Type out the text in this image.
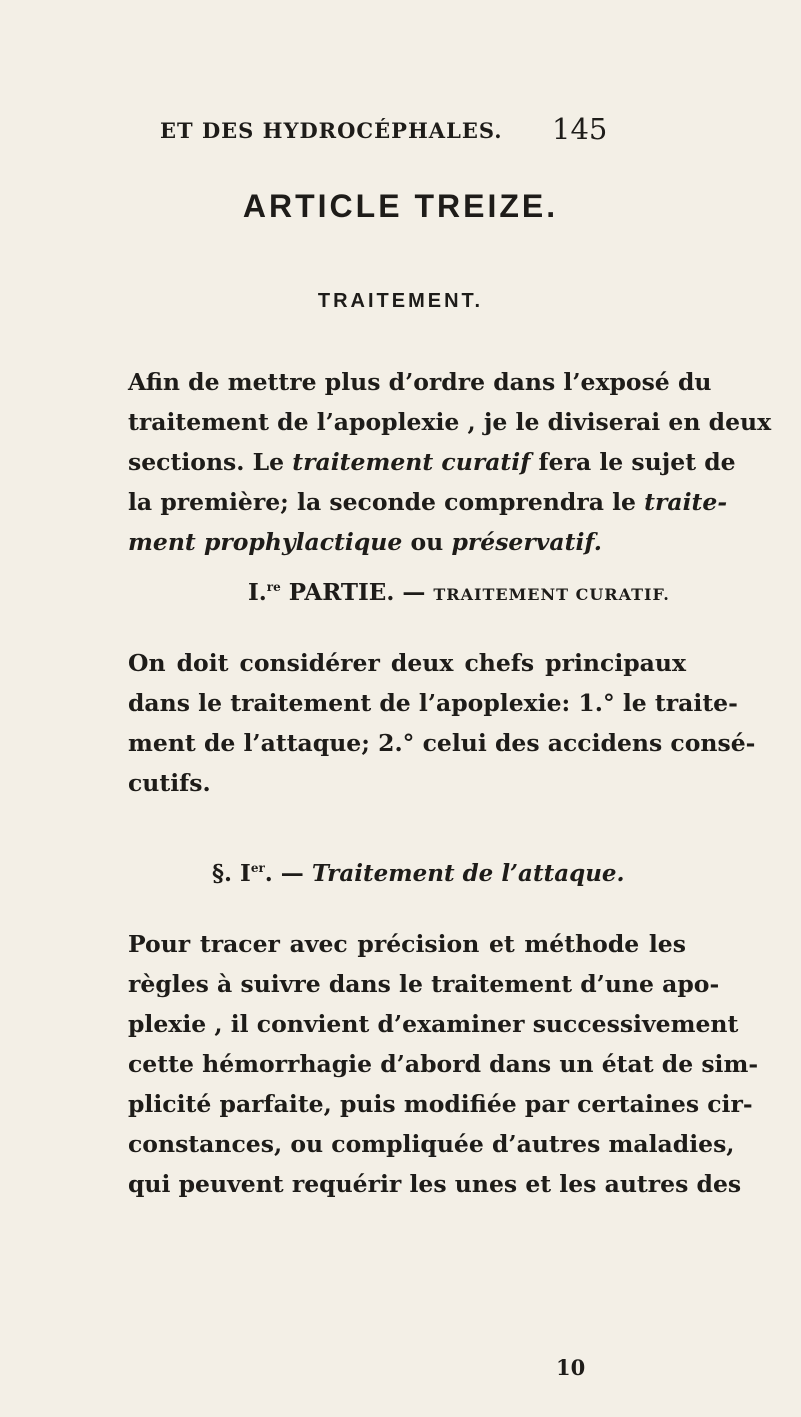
ET DES HYDROCÉPHALES. 145
ARTICLE TREIZE.
TRAITEMENT.
Afin de mettre plus d’ordre dans l’exposé du
traitement de l’apoplexie , je le diviserai en deux
sections. Le traitement curatif fera le sujet de
la première; la seconde comprendra le traite-
ment prophylactique ou préservatif.
I.$^{re}$ PARTIE. — TRAITEMENT CURATIF.
On doit considérer deux chefs principaux
dans le traitement de l’apoplexie: 1.° le traite-
ment de l’attaque; 2.° celui des accidens consé-
cutifs.
§. Ier. — Traitement de l’attaque.
Pour tracer avec précision et méthode les
règles à suivre dans le traitement d’une apo-
plexie , il convient d’examiner successivement
cette hémorrhagie d’abord dans un état de sim-
plicité parfaite, puis modifiée par certaines cir-
constances, ou compliquée d’autres maladies,
qui peuvent requérir les unes et les autres des
10
